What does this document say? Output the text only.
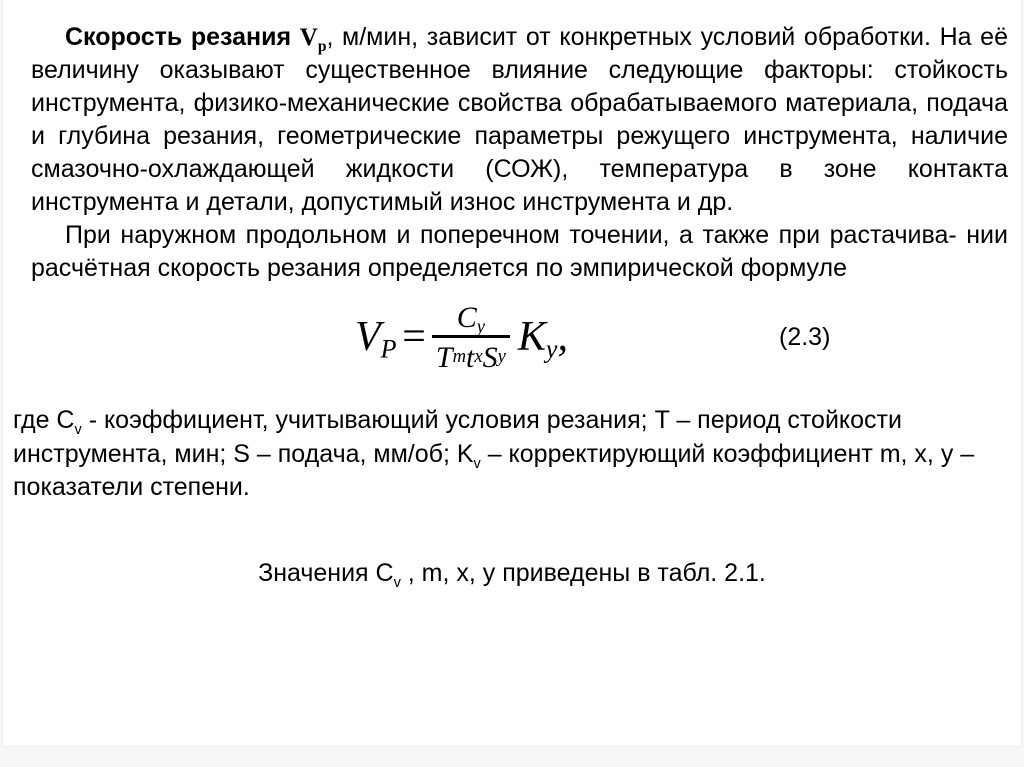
Скорость резания $V_p$, м/мин, зависит от конкретных условий обработки. На её величину оказывают существенное влияние следующие факторы: стойкость инструмента, физико-механические свойства обрабатываемого материала, подача и глубина резания, геометрические параметры режущего инструмента, наличие смазочно-охлаждающей жидкости (СОЖ), температура в зоне контакта инструмента и детали, допустимый износ инструмента и др.

При наружном продольном и поперечном точении, а также при растачива- нии расчётная скорость резания определяется по эмпирической формуле

VP = $\frac{C_y}{T^mt^xS^y}$ Ky ,	(2.3)
где $C_v$ - коэффициент, учитывающий условия резания; T – период стойкости инструмента, мин; S – подача, мм/об; $K_v$ – корректирующий коэффициент m, x, y – показатели степени.
Значения $C_v$ , m, x, y приведены в табл. 2.1.
